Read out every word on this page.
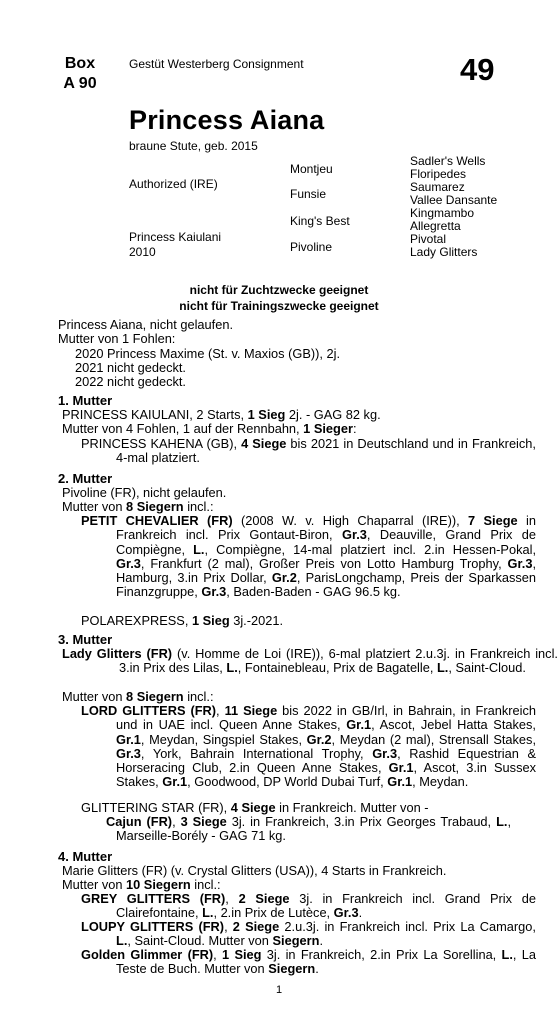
Box
A 90
Gestüt Westerberg Consignment	49
Princess Aiana
braune Stute, geb. 2015
Authorized (IRE)
Princess Kaiulani
2010
Montjeu
Funsie
King's Best
Pivoline
Sadler's Wells
Floripedes
Saumarez
Vallee Dansante
Kingmambo
Allegretta
Pivotal
Lady Glitters
nicht für Zuchtzwecke geeignet
nicht für Trainingszwecke geeignet
Princess Aiana, nicht gelaufen.
Mutter von 1 Fohlen:
2020 Princess Maxime (St. v. Maxios (GB)), 2j.
2021 nicht gedeckt.
2022 nicht gedeckt.
1. Mutter
PRINCESS KAIULANI, 2 Starts, 1 Sieg 2j. - GAG 82 kg.
Mutter von 4 Fohlen, 1 auf der Rennbahn, 1 Sieger:
PRINCESS KAHENA (GB), 4 Siege bis 2021 in Deutschland und in Frankreich, 4-mal platziert.
2. Mutter
Pivoline (FR), nicht gelaufen.
Mutter von 8 Siegern incl.:
PETIT CHEVALIER (FR) (2008 W. v. High Chaparral (IRE)), 7 Siege in Frankreich incl. Prix Gontaut-Biron, Gr.3, Deauville, Grand Prix de Compiègne, L., Compiègne, 14-mal platziert incl. 2.in Hessen-Pokal, Gr.3, Frankfurt (2 mal), Großer Preis von Lotto Hamburg Trophy, Gr.3, Hamburg, 3.in Prix Dollar, Gr.2, ParisLongchamp, Preis der Sparkassen Finanzgruppe, Gr.3, Baden-Baden - GAG 96.5 kg.
POLAREXPRESS, 1 Sieg 3j.-2021.
3. Mutter
Lady Glitters (FR) (v. Homme de Loi (IRE)), 6-mal platziert 2.u.3j. in Frankreich incl. 3.in Prix des Lilas, L., Fontainebleau, Prix de Bagatelle, L., Saint-Cloud.
Mutter von 8 Siegern incl.:
LORD GLITTERS (FR), 11 Siege bis 2022 in GB/Irl, in Bahrain, in Frankreich und in UAE incl. Queen Anne Stakes, Gr.1, Ascot, Jebel Hatta Stakes, Gr.1, Meydan, Singspiel Stakes, Gr.2, Meydan (2 mal), Strensall Stakes, Gr.3, York, Bahrain International Trophy, Gr.3, Rashid Equestrian & Horseracing Club, 2.in Queen Anne Stakes, Gr.1, Ascot, 3.in Sussex Stakes, Gr.1, Goodwood, DP World Dubai Turf, Gr.1, Meydan.
GLITTERING STAR (FR), 4 Siege in Frankreich. Mutter von -
Cajun (FR), 3 Siege 3j. in Frankreich, 3.in Prix Georges Trabaud, L., Marseille-Borély - GAG 71 kg.
4. Mutter
Marie Glitters (FR) (v. Crystal Glitters (USA)), 4 Starts in Frankreich.
Mutter von 10 Siegern incl.:
GREY GLITTERS (FR), 2 Siege 3j. in Frankreich incl. Grand Prix de Clairefontaine, L., 2.in Prix de Lutèce, Gr.3.
LOUPY GLITTERS (FR), 2 Siege 2.u.3j. in Frankreich incl. Prix La Camargo, L., Saint-Cloud. Mutter von Siegern.
Golden Glimmer (FR), 1 Sieg 3j. in Frankreich, 2.in Prix La Sorellina, L., La Teste de Buch. Mutter von Siegern.
1
